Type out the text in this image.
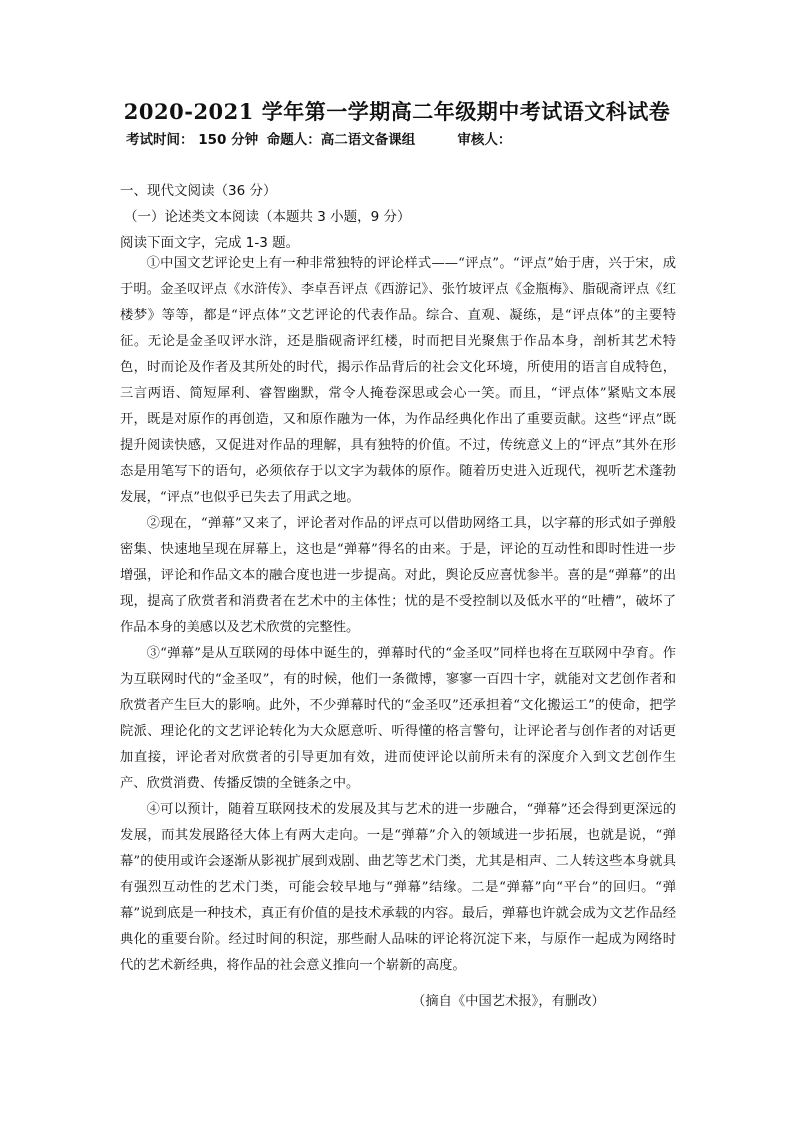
2020-2021 学年第一学期高二年级期中考试语文科试卷
考试时间： 150 分钟 命题人：高二语文备课组	审核人：
一、现代文阅读（36 分）
（一）论述类文本阅读（本题共 3 小题，9 分）
阅读下面文字，完成 1-3 题。

①中国文艺评论史上有一种非常独特的评论样式——“评点”。“评点”始于唐，兴于宋，成于明。金圣叹评点《水浒传》、李卓吾评点《西游记》、张竹坡评点《金瓶梅》、脂砚斋评点《红楼梦》等等，都是“评点体”文艺评论的代表作品。综合、直观、凝练，是“评点体”的主要特征。无论是金圣叹评水浒，还是脂砚斋评红楼，时而把目光聚焦于作品本身，剖析其艺术特色，时而论及作者及其所处的时代，揭示作品背后的社会文化环境，所使用的语言自成特色，三言两语、简短犀利、睿智幽默，常令人掩卷深思或会心一笑。而且，“评点体”紧贴文本展开，既是对原作的再创造，又和原作融为一体，为作品经典化作出了重要贡献。这些“评点”既提升阅读快感，又促进对作品的理解，具有独特的价值。不过，传统意义上的“评点”其外在形态是用笔写下的语句，必须依存于以文字为载体的原作。随着历史进入近现代，视听艺术蓬勃发展，“评点”也似乎已失去了用武之地。

②现在，“弹幕”又来了，评论者对作品的评点可以借助网络工具，以字幕的形式如子弹般密集、快速地呈现在屏幕上，这也是“弹幕”得名的由来。于是，评论的互动性和即时性进一步增强，评论和作品文本的融合度也进一步提高。对此，舆论反应喜忧参半。喜的是“弹幕”的出现，提高了欣赏者和消费者在艺术中的主体性；忧的是不受控制以及低水平的“吐槽”，破坏了作品本身的美感以及艺术欣赏的完整性。

③“弹幕”是从互联网的母体中诞生的，弹幕时代的“金圣叹”同样也将在互联网中孕育。作为互联网时代的“金圣叹”，有的时候，他们一条微博，寥寥一百四十字，就能对文艺创作者和欣赏者产生巨大的影响。此外，不少弹幕时代的“金圣叹”还承担着“文化搬运工”的使命，把学院派、理论化的文艺评论转化为大众愿意听、听得懂的格言警句，让评论者与创作者的对话更加直接，评论者对欣赏者的引导更加有效，进而使评论以前所未有的深度介入到文艺创作生产、欣赏消费、传播反馈的全链条之中。

④可以预计，随着互联网技术的发展及其与艺术的进一步融合，“弹幕”还会得到更深远的发展，而其发展路径大体上有两大走向。一是“弹幕”介入的领域进一步拓展，也就是说，“弹幕”的使用或许会逐渐从影视扩展到戏剧、曲艺等艺术门类，尤其是相声、二人转这些本身就具有强烈互动性的艺术门类，可能会较早地与“弹幕”结缘。二是“弹幕”向“平台”的回归。“弹幕”说到底是一种技术，真正有价值的是技术承载的内容。最后，弹幕也许就会成为文艺作品经典化的重要台阶。经过时间的积淀，那些耐人品味的评论将沉淀下来，与原作一起成为网络时代的艺术新经典，将作品的社会意义推向一个崭新的高度。

（摘自《中国艺术报》，有删改）
